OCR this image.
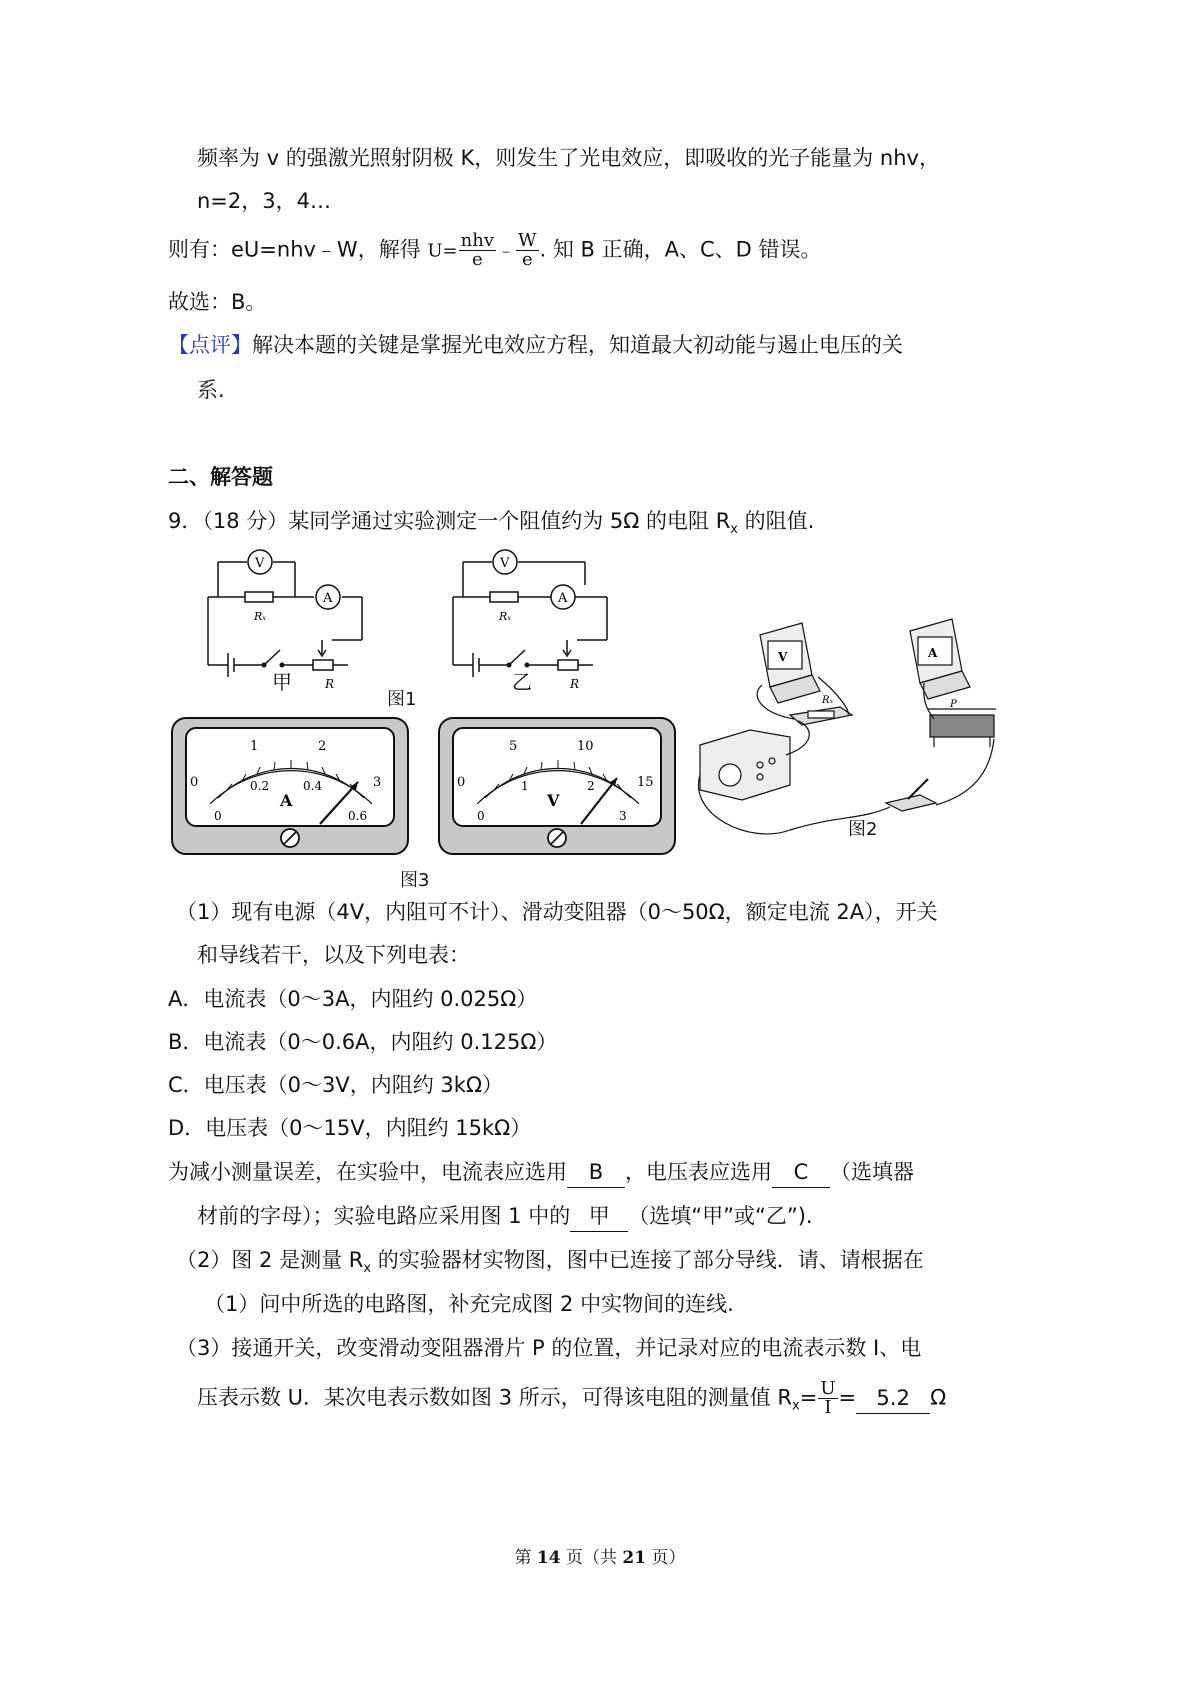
频率为 v 的强激光照射阴极 K，则发生了光电效应，即吸收的光子能量为 nhv，
n=2，3，4…
则有：eU=nhv﹣W，解得 $U= \frac{\text{nhv}}{e}$ ﹣ $\frac{W}{e}$ . 知 B 正确，A、C、D 错误。
故选：B。
【点评】解决本题的关键是掌握光电效应方程，知道最大初动能与遏止电压的关
系.
二、解答题
9．（18 分）某同学通过实验测定一个阻值约为 5Ω 的电阻 $R_x$ 的阻值.
V
A
Rₓ
R
甲
V
A
Rₓ
R
乙
图1
0
1	2
3
0
0.2	0.4
0.6
A
0
5	10
15
0
1	2
3
V
图3
V	A
Rₓ	P
图2
（1）现有电源（4V，内阻可不计）、滑动变阻器（0～50Ω，额定电流 2A），开关
和导线若干，以及下列电表：
A．电流表（0～3A，内阻约 0.025Ω）
B．电流表（0～0.6A，内阻约 0.125Ω）
C．电压表（0～3V，内阻约 3kΩ）
D．电压表（0～15V，内阻约 15kΩ）
为减小测量误差，在实验中，电流表应选用 B ，电压表应选用 C （选填器
材前的字母）；实验电路应采用图 1 中的 甲 （选填“甲”或“乙”).
（2）图 2 是测量 $R_x$ 的实验器材实物图，图中已连接了部分导线．请、请根据在
（1）问中所选的电路图，补充完成图 2 中实物间的连线.
（3）接通开关，改变滑动变阻器滑片 P 的位置，并记录对应的电流表示数 I、电
压表示数 U．某次电表示数如图 3 所示，可得该电阻的测量值 $R_x= \frac{U}{I} = 5.2$ Ω
第 14 页（共 21 页）
